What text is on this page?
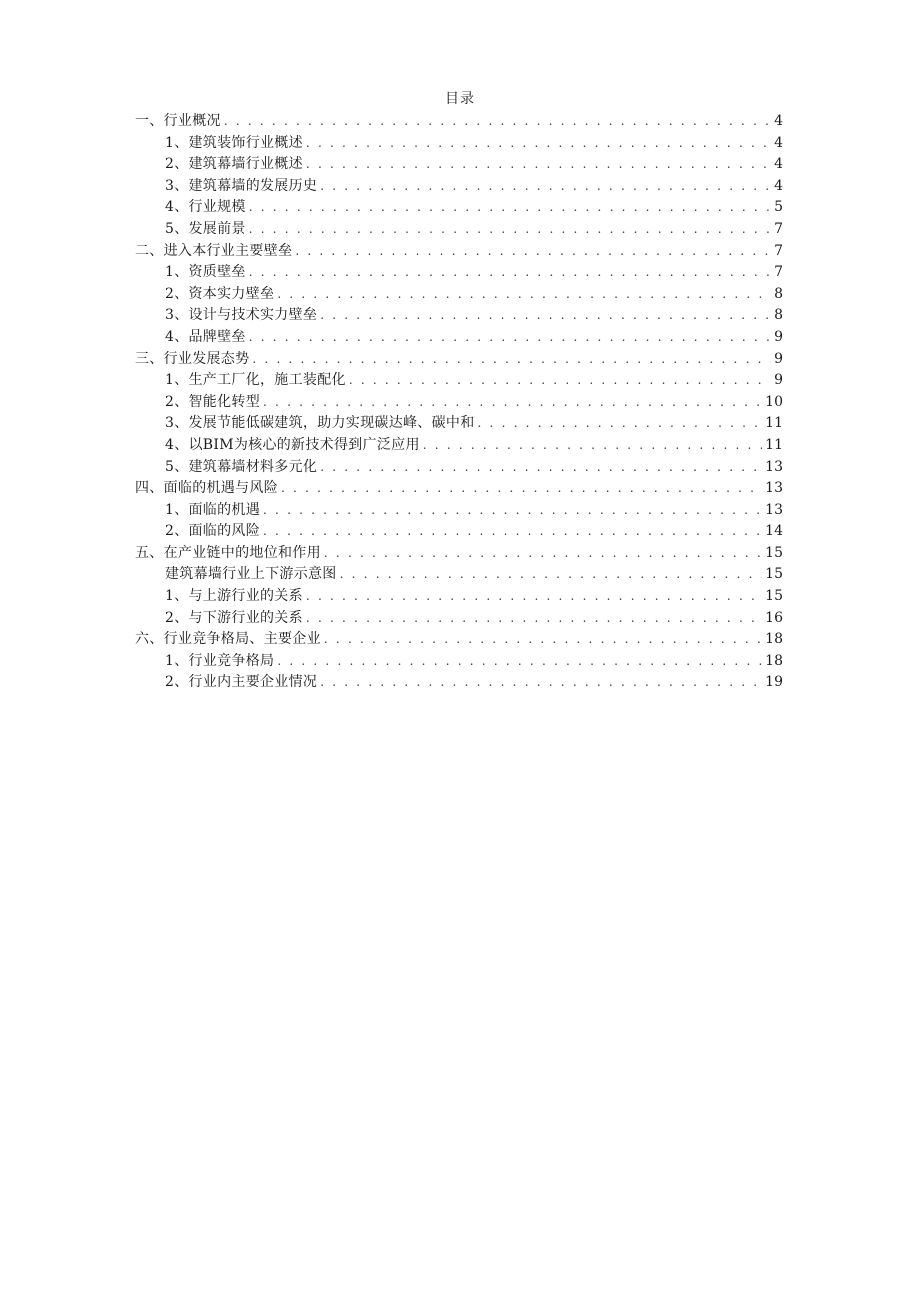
目录
一、行业概况 . . .	4
1、建筑装饰行业概述 . . .	4
2、建筑幕墙行业概述 . . .	4
3、建筑幕墙的发展历史 . . .	4
4、行业规模 . . .	5
5、发展前景 . . .	7
二、进入本行业主要壁垒 . . .	7
1、资质壁垒 . . .	7
2、资本实力壁垒 . . .	8
3、设计与技术实力壁垒 . . .	8
4、品牌壁垒 . . .	9
三、行业发展态势 . . .	9
1、生产工厂化，施工装配化 . . .	9
2、智能化转型 . . .	10
3、发展节能低碳建筑，助力实现碳达峰、碳中和 . . .	11
4、以BIM为核心的新技术得到广泛应用 . . .	11
5、建筑幕墙材料多元化 . . .	13
四、面临的机遇与风险 . . .	13
1、面临的机遇 . . .	13
2、面临的风险 . . .	14
五、在产业链中的地位和作用 . . .	15
建筑幕墙行业上下游示意图 . . .	15
1、与上游行业的关系 . . .	15
2、与下游行业的关系 . . .	16
六、行业竞争格局、主要企业 . . .	18
1、行业竞争格局 . . .	18
2、行业内主要企业情况 . . .	19
